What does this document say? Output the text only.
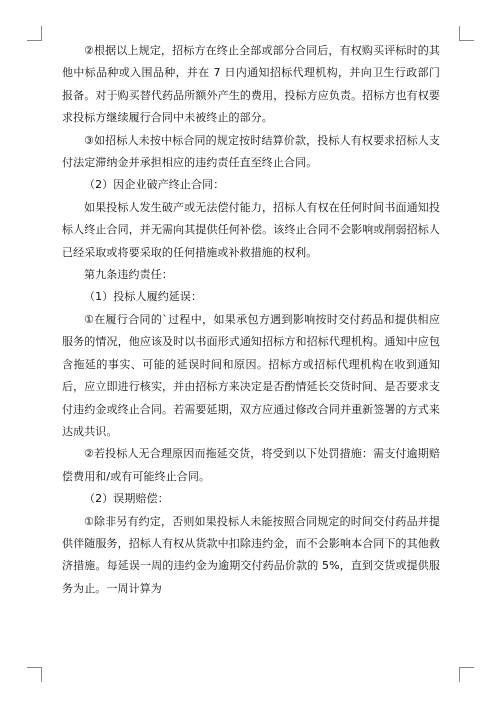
②根据以上规定，招标方在终止全部或部分合同后，有权购买评标时的其他中标品种或入围品种，并在 7 日内通知招标代理机构，并向卫生行政部门报备。对于购买替代药品所额外产生的费用，投标方应负责。招标方也有权要求投标方继续履行合同中未被终止的部分。

③如招标人未按中标合同的规定按时结算价款，投标人有权要求招标人支付法定滞纳金并承担相应的违约责任直至终止合同。

（2）因企业破产终止合同：

如果投标人发生破产或无法偿付能力，招标人有权在任何时间书面通知投标人终止合同，并无需向其提供任何补偿。该终止合同不会影响或削弱招标人已经采取或将要采取的任何措施或补救措施的权利。

第九条违约责任：

（1）投标人履约延误：

①在履行合同的`过程中，如果承包方遇到影响按时交付药品和提供相应服务的情况，他应该及时以书面形式通知招标方和招标代理机构。通知中应包含拖延的事实、可能的延误时间和原因。招标方或招标代理机构在收到通知后，应立即进行核实，并由招标方来决定是否酌情延长交货时间、是否要求支付违约金或终止合同。若需要延期，双方应通过修改合同并重新签署的方式来达成共识。

②若投标人无合理原因而拖延交货，将受到以下处罚措施：需支付逾期赔偿费用和/或有可能终止合同。

（2）误期赔偿：

①除非另有约定，否则如果投标人未能按照合同规定的时间交付药品并提供伴随服务，招标人有权从货款中扣除违约金，而不会影响本合同下的其他救济措施。每延误一周的违约金为逾期交付药品价款的 5%，直到交货或提供服务为止。一周计算为
